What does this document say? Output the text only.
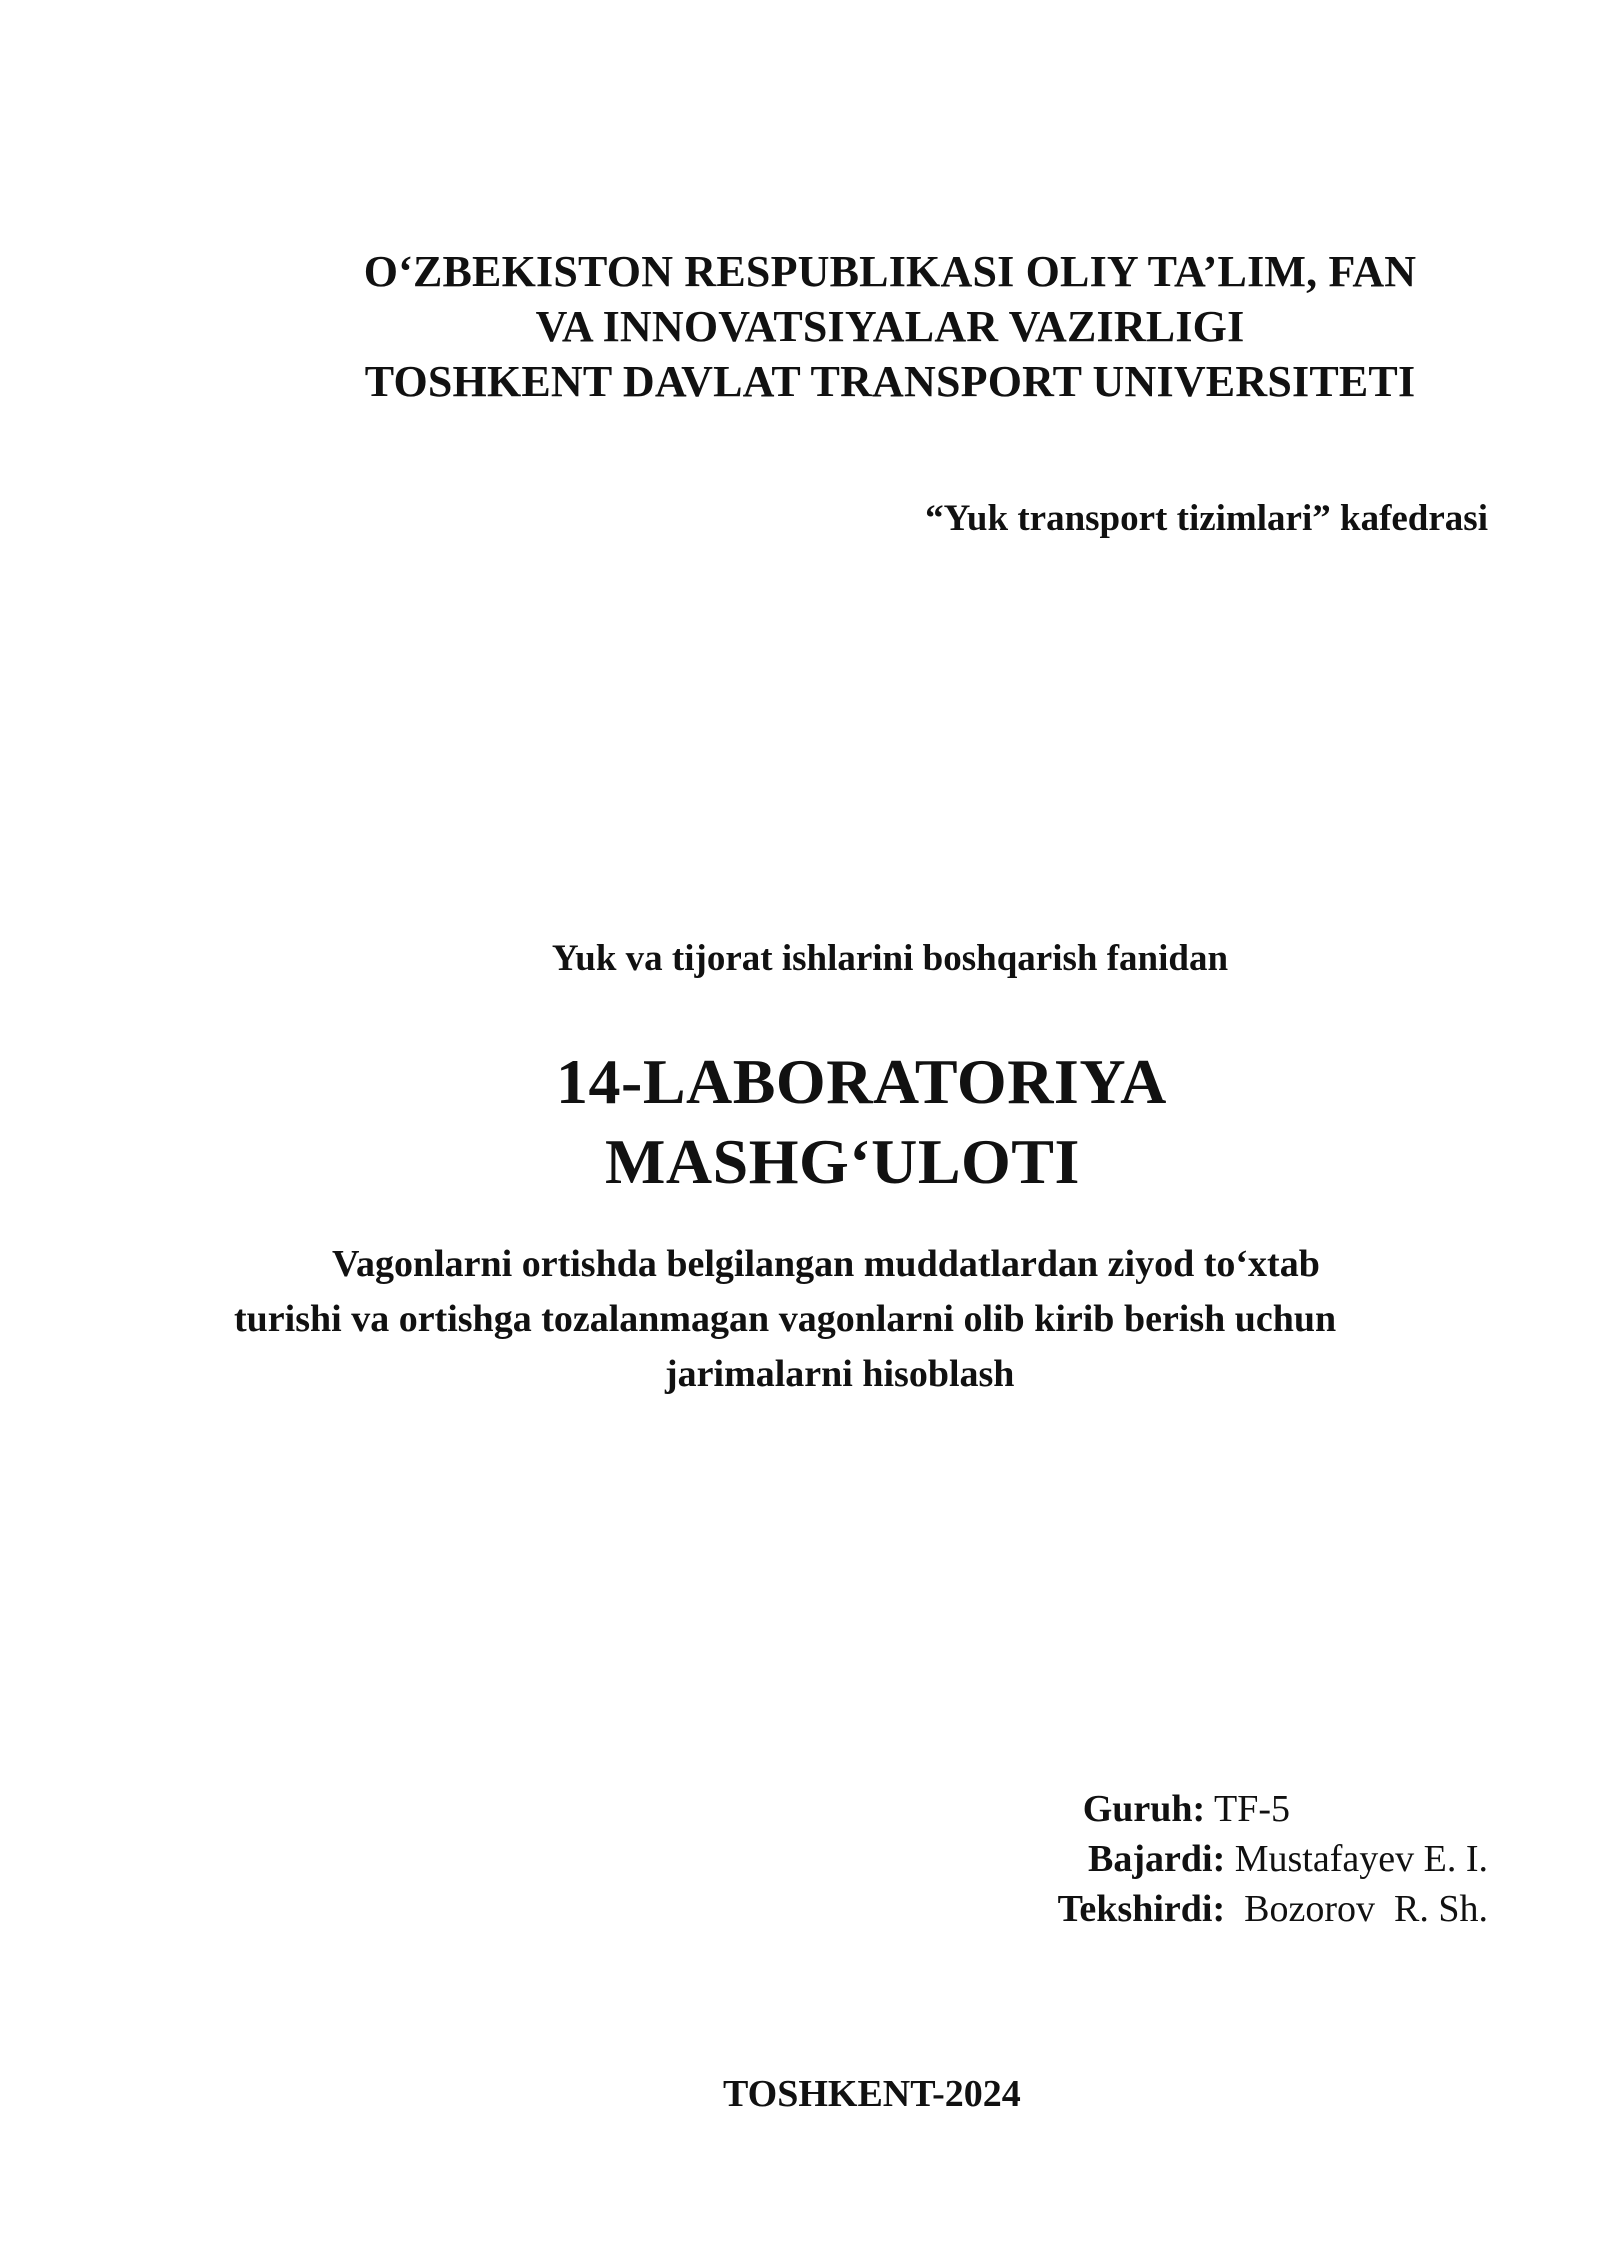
O‘ZBEKISTON RESPUBLIKASI OLIY TA’LIM, FAN
VA INNOVATSIYALAR VAZIRLIGI
TOSHKENT DAVLAT TRANSPORT UNIVERSITETI
“Yuk transport tizimlari” kafedrasi
Yuk va tijorat ishlarini boshqarish fanidan
14-LABORATORIYA
MASHG‘ULOTI
Vagonlarni ortishda belgilangan muddatlardan ziyod to‘xtab
turishi va ortishga tozalanmagan vagonlarni olib kirib berish uchun
jarimalarni hisoblash
Guruh: TF-5
Bajardi: Mustafayev E. I.
Tekshirdi:  Bozorov  R. Sh.
TOSHKENT-2024
